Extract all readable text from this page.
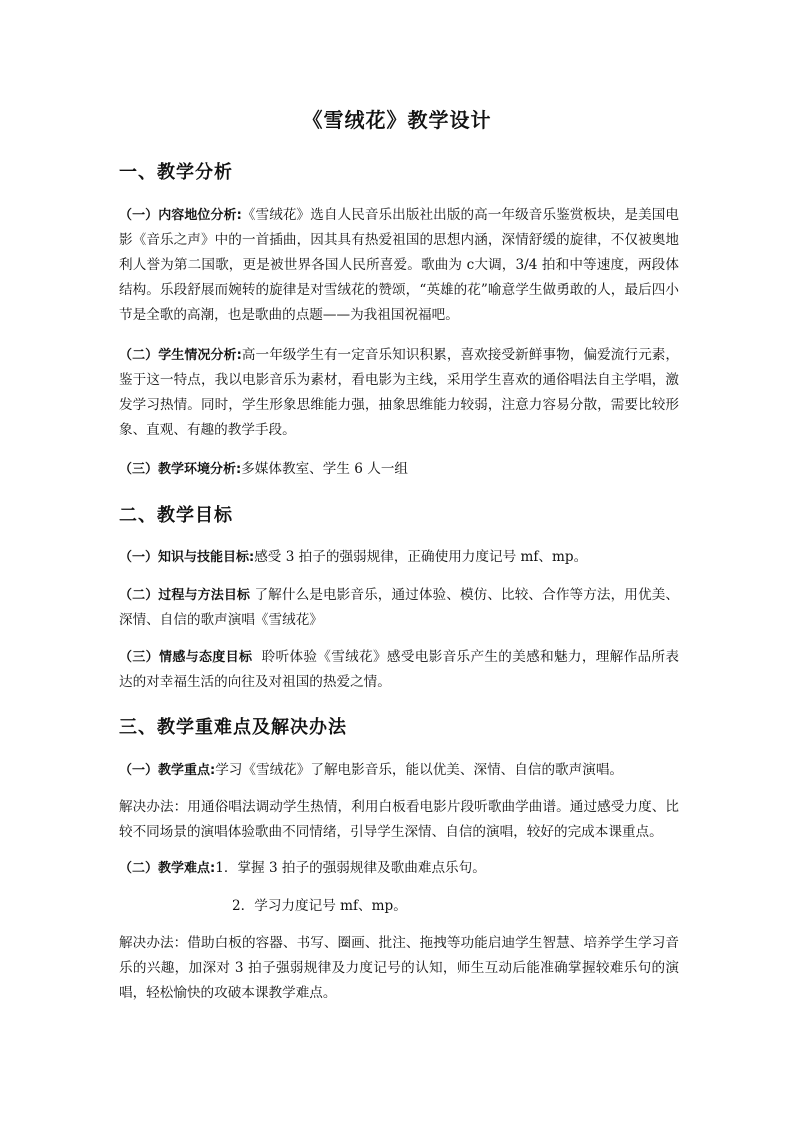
《雪绒花》教学设计
一、教学分析
（一）内容地位分析:《雪绒花》选自人民音乐出版社出版的高一年级音乐鉴赏板块，是美国电影《音乐之声》中的一首插曲，因其具有热爱祖国的思想内涵，深情舒缓的旋律，不仅被奥地利人誉为第二国歌，更是被世界各国人民所喜爱。歌曲为 c大调，3/4 拍和中等速度，两段体结构。乐段舒展而婉转的旋律是对雪绒花的赞颂，“英雄的花”喻意学生做勇敢的人，最后四小节是全歌的高潮，也是歌曲的点题——为我祖国祝福吧。
（二）学生情况分析:高一年级学生有一定音乐知识积累，喜欢接受新鲜事物，偏爱流行元素，鉴于这一特点，我以电影音乐为素材，看电影为主线，采用学生喜欢的通俗唱法自主学唱，激发学习热情。同时，学生形象思维能力强，抽象思维能力较弱，注意力容易分散，需要比较形象、直观、有趣的教学手段。
（三）教学环境分析:多媒体教室、学生 6 人一组
二、教学目标
（一）知识与技能目标:感受 3 拍子的强弱规律，正确使用力度记号 mf、mp。
（二）过程与方法目标 了解什么是电影音乐，通过体验、模仿、比较、合作等方法，用优美、深情、自信的歌声演唱《雪绒花》
（三）情感与态度目标 聆听体验《雪绒花》感受电影音乐产生的美感和魅力，理解作品所表达的对幸福生活的向往及对祖国的热爱之情。
三、教学重难点及解决办法
（一）教学重点:学习《雪绒花》了解电影音乐，能以优美、深情、自信的歌声演唱。
解决办法：用通俗唱法调动学生热情，利用白板看电影片段听歌曲学曲谱。通过感受力度、比较不同场景的演唱体验歌曲不同情绪，引导学生深情、自信的演唱，较好的完成本课重点。
（二）教学难点:1．掌握 3 拍子的强弱规律及歌曲难点乐句。
2．学习力度记号 mf、mp。
解决办法：借助白板的容器、书写、圈画、批注、拖拽等功能启迪学生智慧、培养学生学习音乐的兴趣，加深对 3 拍子强弱规律及力度记号的认知，师生互动后能准确掌握较难乐句的演唱，轻松愉快的攻破本课教学难点。
